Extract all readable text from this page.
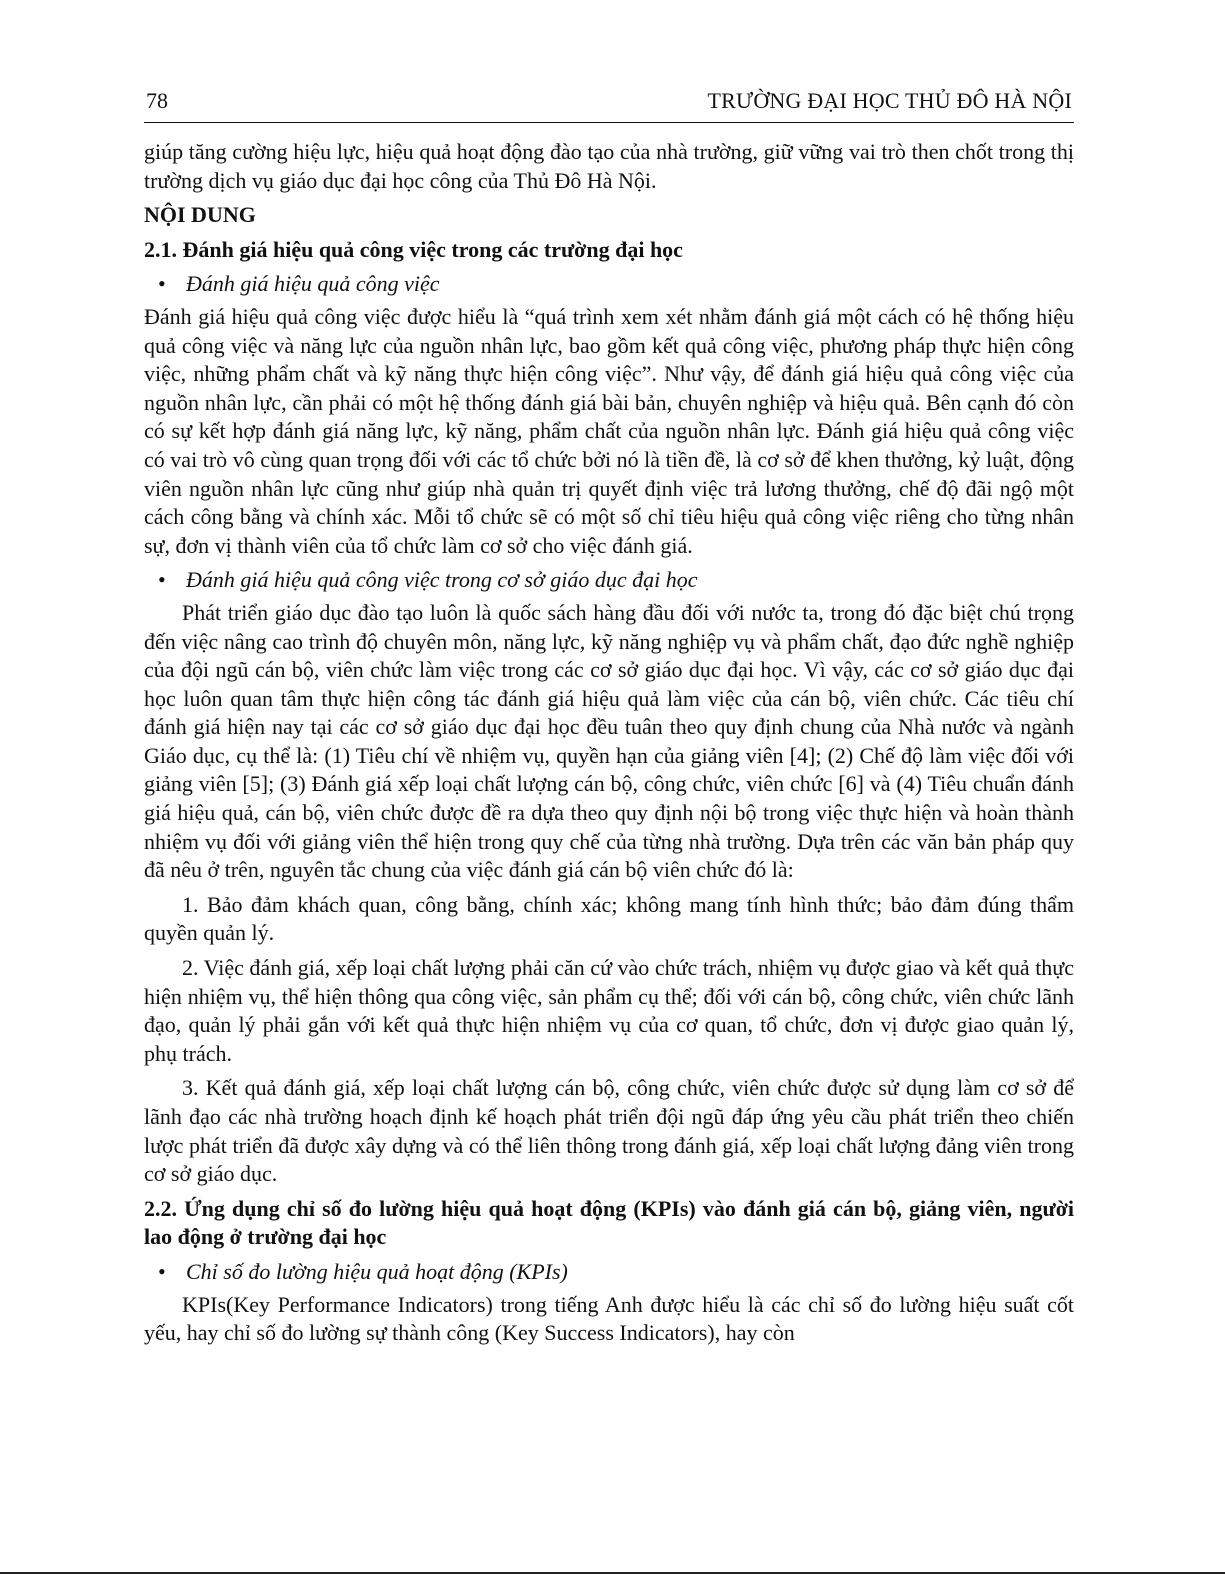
78	TRƯỜNG ĐẠI HỌC THỦ ĐÔ HÀ NỘI

giúp tăng cường hiệu lực, hiệu quả hoạt động đào tạo của nhà trường, giữ vững vai trò then chốt trong thị trường dịch vụ giáo dục đại học công của Thủ Đô Hà Nội.

NỘI DUNG

2.1. Đánh giá hiệu quả công việc trong các trường đại học

• Đánh giá hiệu quả công việc

Đánh giá hiệu quả công việc được hiểu là “quá trình xem xét nhằm đánh giá một cách có hệ thống hiệu quả công việc và năng lực của nguồn nhân lực, bao gồm kết quả công việc, phương pháp thực hiện công việc, những phẩm chất và kỹ năng thực hiện công việc”. Như vậy, để đánh giá hiệu quả công việc của nguồn nhân lực, cần phải có một hệ thống đánh giá bài bản, chuyên nghiệp và hiệu quả. Bên cạnh đó còn có sự kết hợp đánh giá năng lực, kỹ năng, phẩm chất của nguồn nhân lực. Đánh giá hiệu quả công việc có vai trò vô cùng quan trọng đối với các tổ chức bởi nó là tiền đề, là cơ sở để khen thưởng, kỷ luật, động viên nguồn nhân lực cũng như giúp nhà quản trị quyết định việc trả lương thưởng, chế độ đãi ngộ một cách công bằng và chính xác. Mỗi tổ chức sẽ có một số chỉ tiêu hiệu quả công việc riêng cho từng nhân sự, đơn vị thành viên của tổ chức làm cơ sở cho việc đánh giá.

• Đánh giá hiệu quả công việc trong cơ sở giáo dục đại học

Phát triển giáo dục đào tạo luôn là quốc sách hàng đầu đối với nước ta, trong đó đặc biệt chú trọng đến việc nâng cao trình độ chuyên môn, năng lực, kỹ năng nghiệp vụ và phẩm chất, đạo đức nghề nghiệp của đội ngũ cán bộ, viên chức làm việc trong các cơ sở giáo dục đại học. Vì vậy, các cơ sở giáo dục đại học luôn quan tâm thực hiện công tác đánh giá hiệu quả làm việc của cán bộ, viên chức. Các tiêu chí đánh giá hiện nay tại các cơ sở giáo dục đại học đều tuân theo quy định chung của Nhà nước và ngành Giáo dục, cụ thể là: (1) Tiêu chí về nhiệm vụ, quyền hạn của giảng viên [4]; (2) Chế độ làm việc đối với giảng viên [5]; (3) Đánh giá xếp loại chất lượng cán bộ, công chức, viên chức [6] và (4) Tiêu chuẩn đánh giá hiệu quả, cán bộ, viên chức được đề ra dựa theo quy định nội bộ trong việc thực hiện và hoàn thành nhiệm vụ đối với giảng viên thể hiện trong quy chế của từng nhà trường. Dựa trên các văn bản pháp quy đã nêu ở trên, nguyên tắc chung của việc đánh giá cán bộ viên chức đó là:

1. Bảo đảm khách quan, công bằng, chính xác; không mang tính hình thức; bảo đảm đúng thẩm quyền quản lý.

2. Việc đánh giá, xếp loại chất lượng phải căn cứ vào chức trách, nhiệm vụ được giao và kết quả thực hiện nhiệm vụ, thể hiện thông qua công việc, sản phẩm cụ thể; đối với cán bộ, công chức, viên chức lãnh đạo, quản lý phải gắn với kết quả thực hiện nhiệm vụ của cơ quan, tổ chức, đơn vị được giao quản lý, phụ trách.

3. Kết quả đánh giá, xếp loại chất lượng cán bộ, công chức, viên chức được sử dụng làm cơ sở để lãnh đạo các nhà trường hoạch định kế hoạch phát triển đội ngũ đáp ứng yêu cầu phát triển theo chiến lược phát triển đã được xây dựng và có thể liên thông trong đánh giá, xếp loại chất lượng đảng viên trong cơ sở giáo dục.

2.2. Ứng dụng chỉ số đo lường hiệu quả hoạt động (KPIs) vào đánh giá cán bộ, giảng viên, người lao động ở trường đại học

• Chỉ số đo lường hiệu quả hoạt động (KPIs)

KPIs(Key Performance Indicators) trong tiếng Anh được hiểu là các chỉ số đo lường hiệu suất cốt yếu, hay chỉ số đo lường sự thành công (Key Success Indicators), hay còn
